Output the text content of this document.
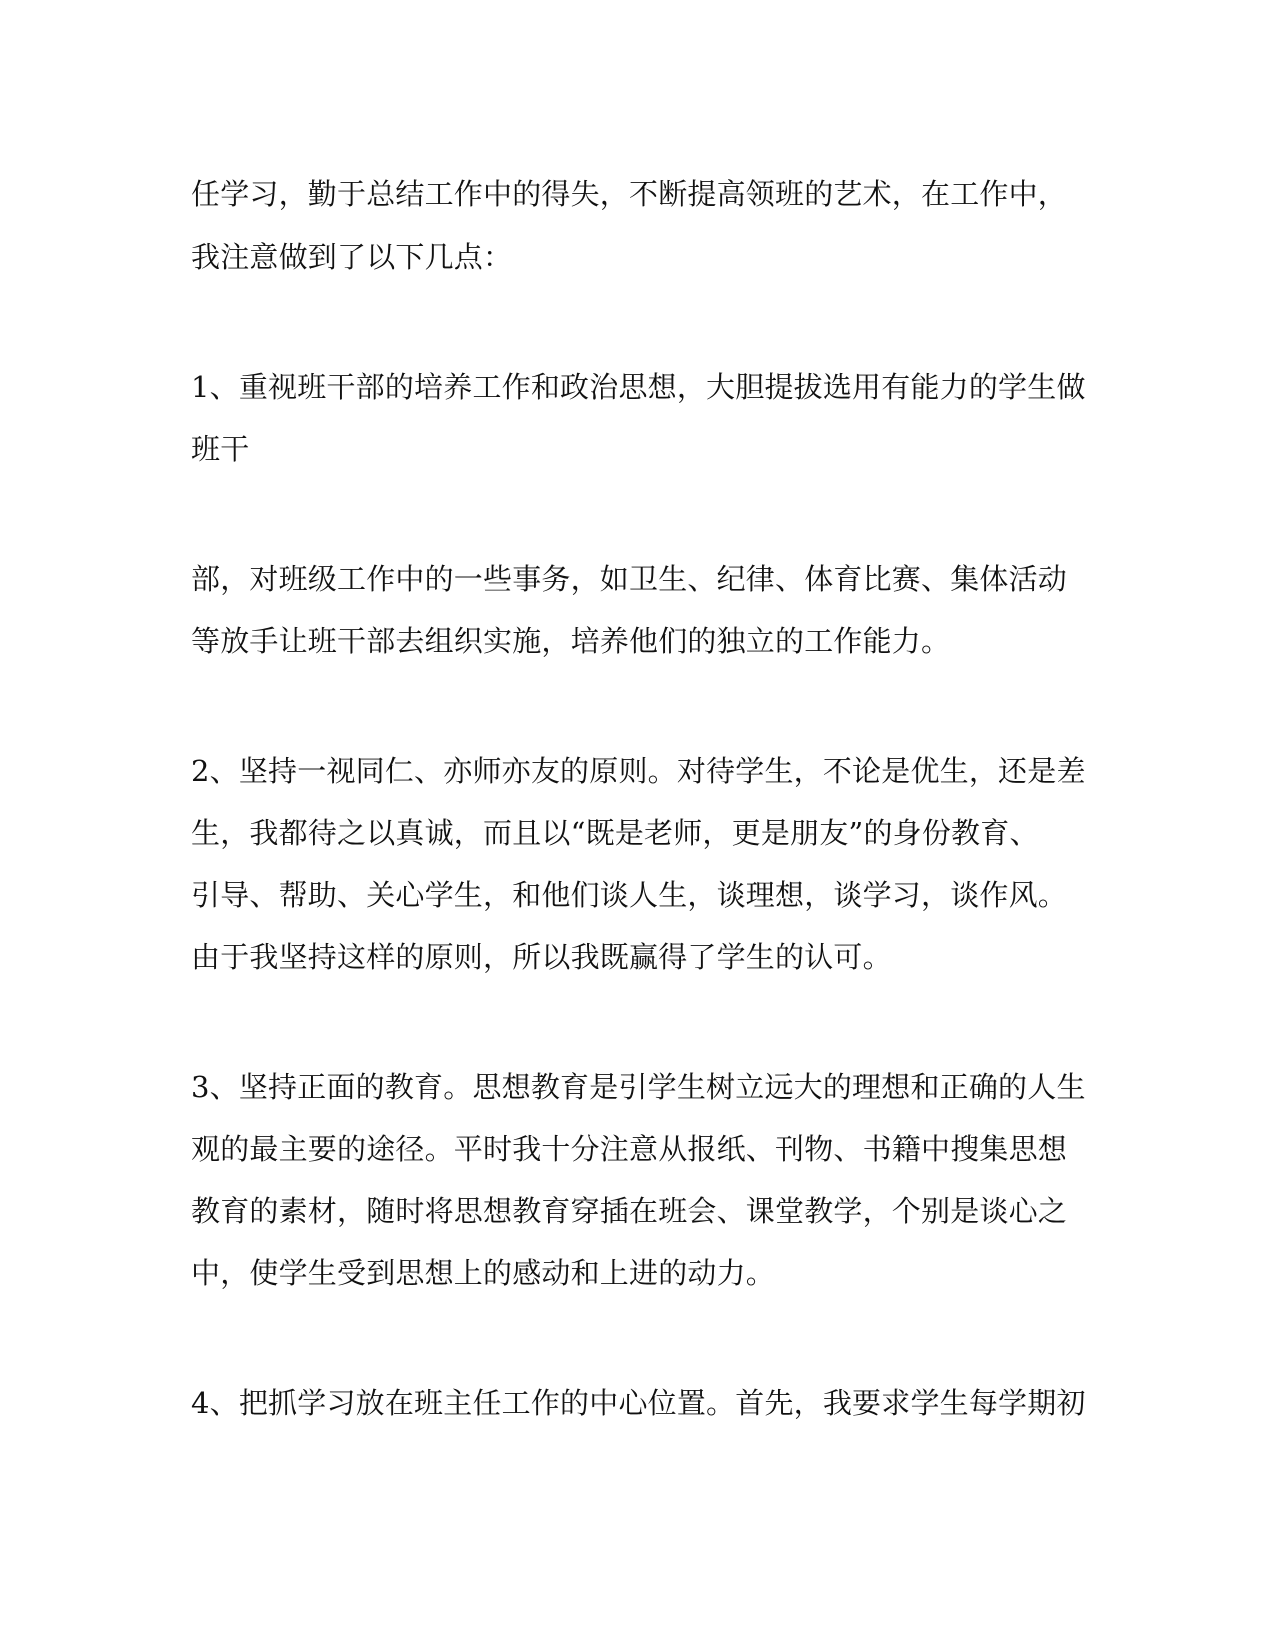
任学习，勤于总结工作中的得失，不断提高领班的艺术，在工作中，
我注意做到了以下几点：
1、重视班干部的培养工作和政治思想，大胆提拔选用有能力的学生做
班干
部，对班级工作中的一些事务，如卫生、纪律、体育比赛、集体活动
等放手让班干部去组织实施，培养他们的独立的工作能力。
2、坚持一视同仁、亦师亦友的原则。对待学生，不论是优生，还是差
生，我都待之以真诚，而且以“既是老师，更是朋友”的身份教育、
引导、帮助、关心学生，和他们谈人生，谈理想，谈学习，谈作风。
由于我坚持这样的原则，所以我既赢得了学生的认可。
3、坚持正面的教育。思想教育是引学生树立远大的理想和正确的人生
观的最主要的途径。平时我十分注意从报纸、刊物、书籍中搜集思想
教育的素材，随时将思想教育穿插在班会、课堂教学，个别是谈心之
中，使学生受到思想上的感动和上进的动力。
4、把抓学习放在班主任工作的中心位置。首先，我要求学生每学期初
